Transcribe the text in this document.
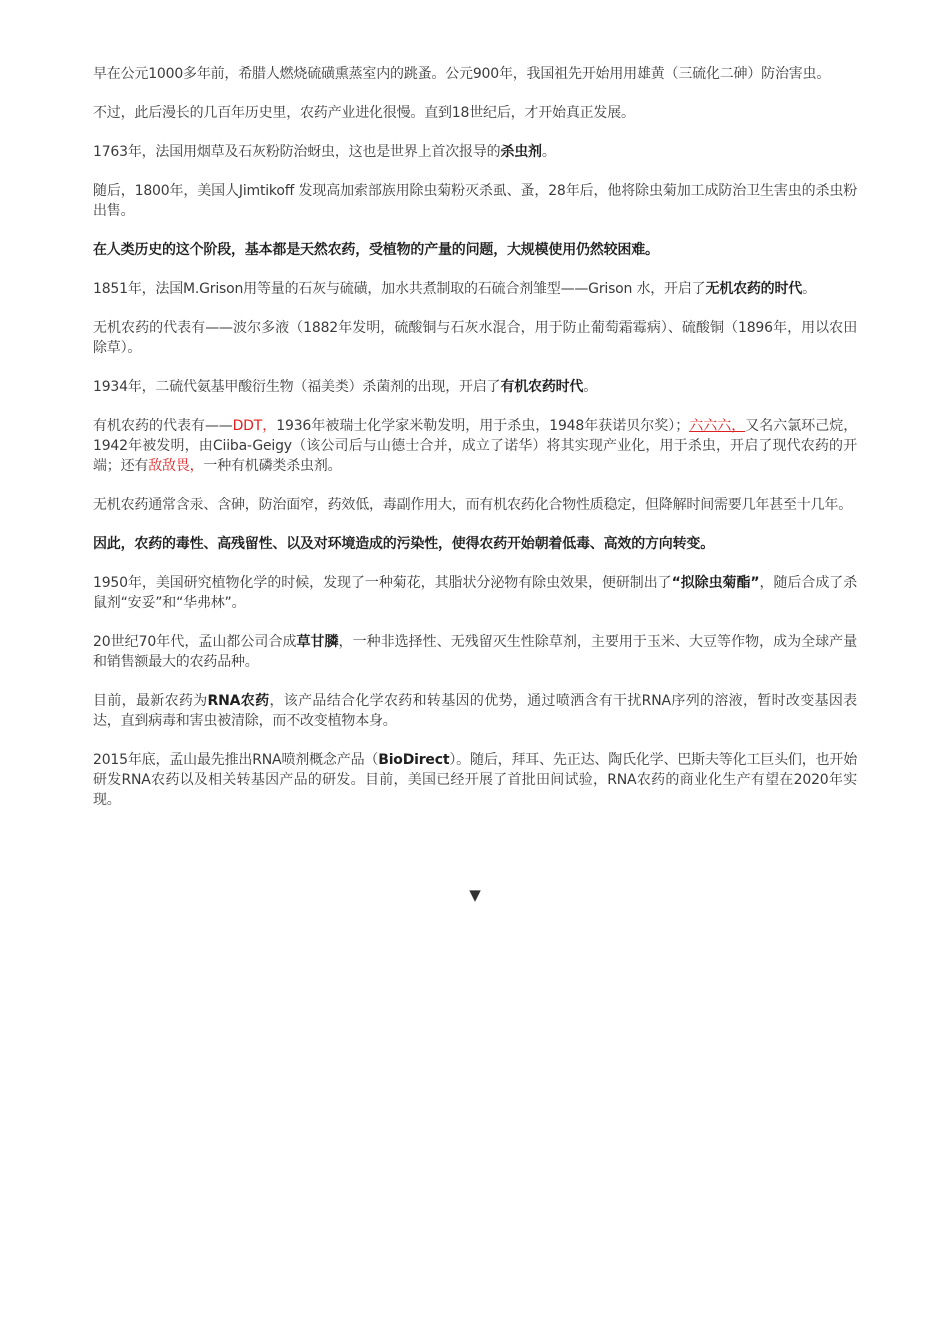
早在公元1000多年前，希腊人燃烧硫磺熏蒸室内的跳蚤。公元900年，我国祖先开始用用雄黄（三硫化二砷）防治害虫。

不过，此后漫长的几百年历史里，农药产业进化很慢。直到18世纪后，才开始真正发展。

1763年，法国用烟草及石灰粉防治蚜虫，这也是世界上首次报导的杀虫剂。

随后，1800年，美国人Jimtikoff 发现高加索部族用除虫菊粉灭杀虱、蚤，28年后，他将除虫菊加工成防治卫生害虫的杀虫粉出售。

在人类历史的这个阶段，基本都是天然农药，受植物的产量的问题，大规模使用仍然较困难。

1851年，法国M.Grison用等量的石灰与硫磺，加水共煮制取的石硫合剂雏型——Grison 水，开启了无机农药的时代。

无机农药的代表有——波尔多液（1882年发明，硫酸铜与石灰水混合，用于防止葡萄霜霉病）、硫酸铜（1896年，用以农田除草）。

1934年，二硫代氨基甲酸衍生物（福美类）杀菌剂的出现，开启了有机农药时代。

有机农药的代表有——DDT，1936年被瑞士化学家米勒发明，用于杀虫，1948年获诺贝尔奖）；六六六，又名六氯环己烷，1942年被发明，由Ciiba-Geigy（该公司后与山德士合并，成立了诺华）将其实现产业化，用于杀虫，开启了现代农药的开端；还有敌敌畏，一种有机磷类杀虫剂。

无机农药通常含汞、含砷，防治面窄，药效低，毒副作用大，而有机农药化合物性质稳定，但降解时间需要几年甚至十几年。

因此，农药的毒性、高残留性、以及对环境造成的污染性，使得农药开始朝着低毒、高效的方向转变。

1950年，美国研究植物化学的时候，发现了一种菊花，其脂状分泌物有除虫效果，便研制出了“拟除虫菊酯”，随后合成了杀鼠剂“安妥”和“华弗林”。

20世纪70年代，孟山都公司合成草甘膦，一种非选择性、无残留灭生性除草剂，主要用于玉米、大豆等作物，成为全球产量和销售额最大的农药品种。

目前，最新农药为RNA农药，该产品结合化学农药和转基因的优势，通过喷洒含有干扰RNA序列的溶液，暂时改变基因表达，直到病毒和害虫被清除，而不改变植物本身。

2015年底，孟山最先推出RNA喷剂概念产品（BioDirect）。随后，拜耳、先正达、陶氏化学、巴斯夫等化工巨头们，也开始研发RNA农药以及相关转基因产品的研发。目前，美国已经开展了首批田间试验，RNA农药的商业化生产有望在2020年实现。

▼
